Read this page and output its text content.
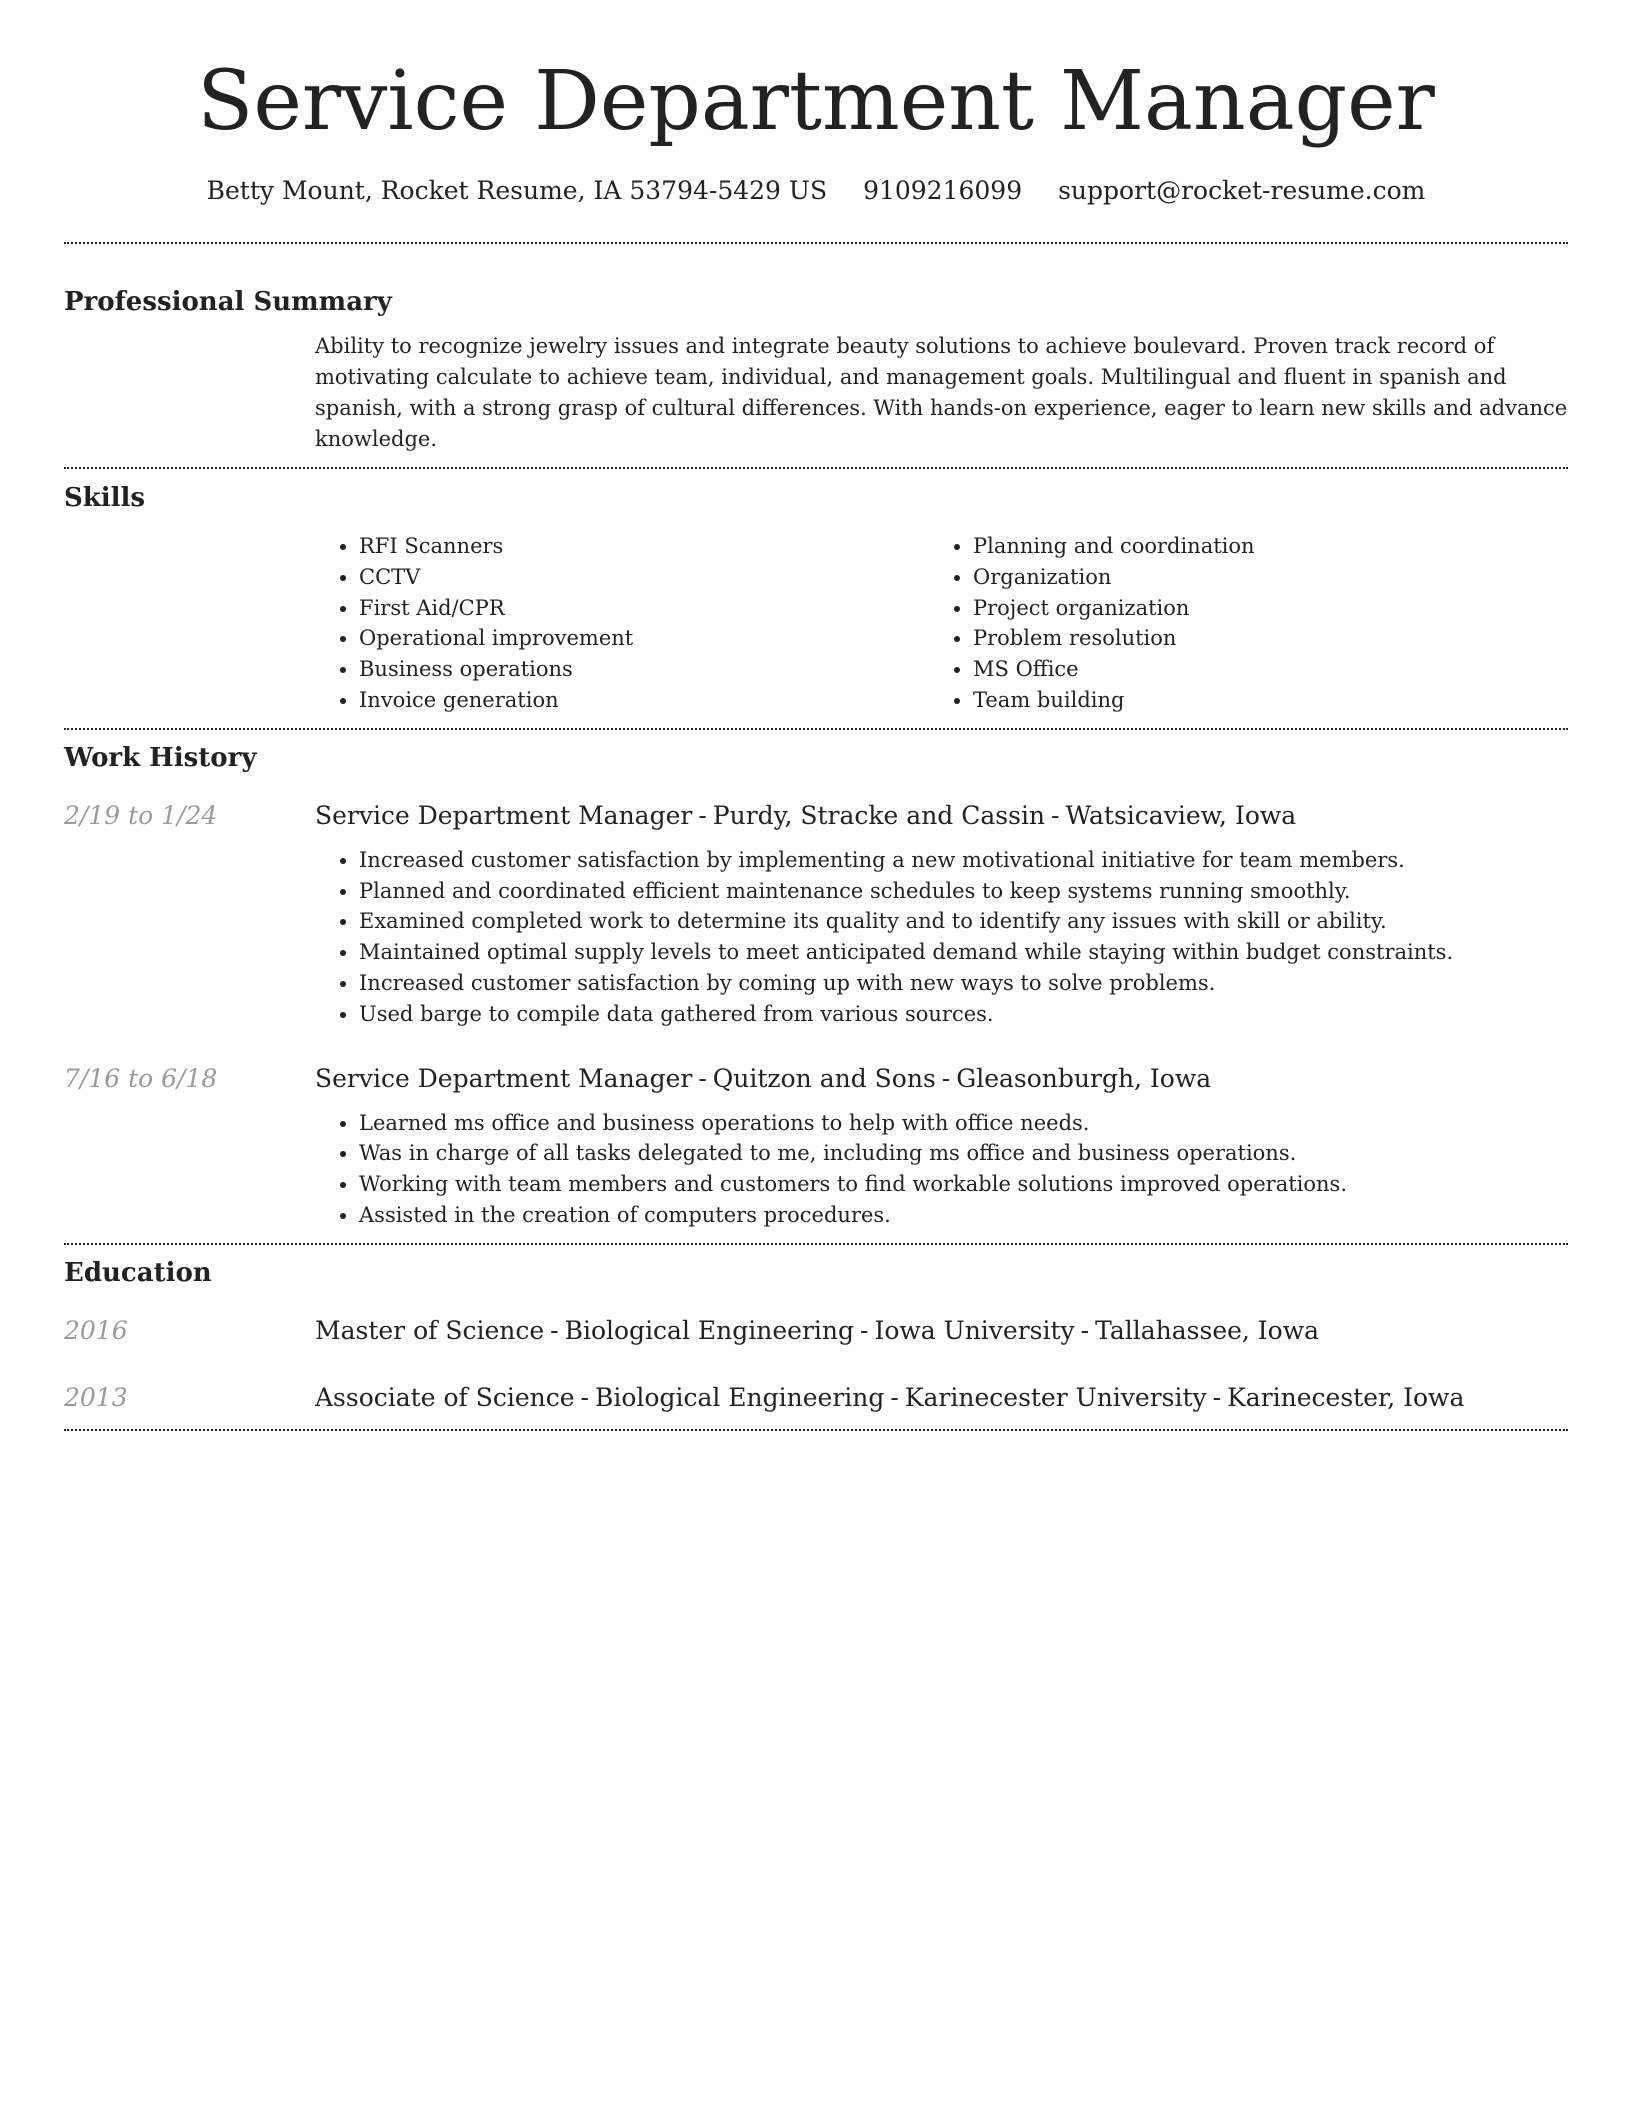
Service Department Manager
Betty Mount, Rocket Resume, IA 53794-5429 US 9109216099 support@rocket-resume.com
Professional Summary

Ability to recognize jewelry issues and integrate beauty solutions to achieve boulevard. Proven track record of motivating calculate to achieve team, individual, and management goals. Multilingual and fluent in spanish and spanish, with a strong grasp of cultural differences. With hands-on experience, eager to learn new skills and advance knowledge.

Skills
• RFI Scanners
• CCTV
• First Aid/CPR
• Operational improvement
• Business operations
• Invoice generation
• Planning and coordination
• Organization
• Project organization
• Problem resolution
• MS Office
• Team building
Work History
2/19 to 1/24	Service Department Manager - Purdy, Stracke and Cassin - Watsicaview, Iowa
• Increased customer satisfaction by implementing a new motivational initiative for team members.
• Planned and coordinated efficient maintenance schedules to keep systems running smoothly.
• Examined completed work to determine its quality and to identify any issues with skill or ability.
• Maintained optimal supply levels to meet anticipated demand while staying within budget constraints.
• Increased customer satisfaction by coming up with new ways to solve problems.
• Used barge to compile data gathered from various sources.
7/16 to 6/18	Service Department Manager - Quitzon and Sons - Gleasonburgh, Iowa
• Learned ms office and business operations to help with office needs.
• Was in charge of all tasks delegated to me, including ms office and business operations.
• Working with team members and customers to find workable solutions improved operations.
• Assisted in the creation of computers procedures.
Education
2016	Master of Science - Biological Engineering - Iowa University - Tallahassee, Iowa
2013	Associate of Science - Biological Engineering - Karinecester University - Karinecester, Iowa
